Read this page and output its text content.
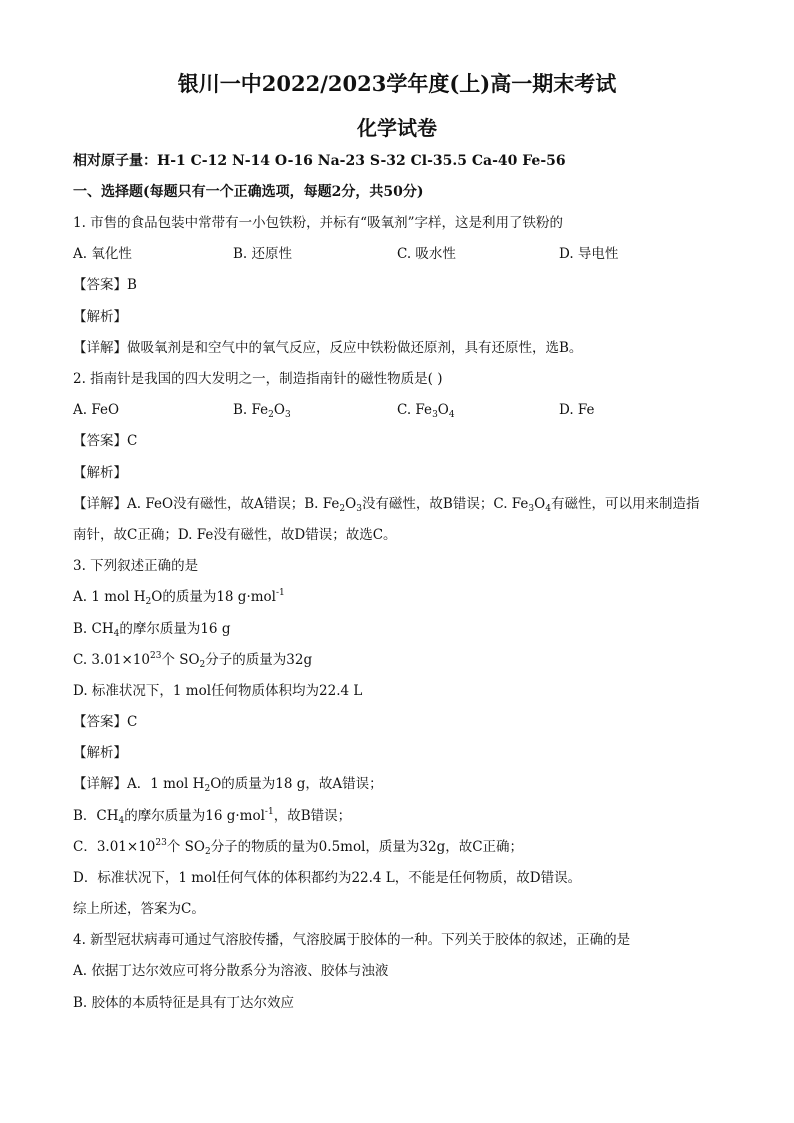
银川一中2022/2023学年度(上)高一期末考试
化学试卷

相对原子量：H-1 C-12 N-14 O-16 Na-23 S-32 Cl-35.5 Ca-40 Fe-56

一、选择题(每题只有一个正确选项，每题2分，共50分)

1. 市售的食品包装中常带有一小包铁粉，并标有“吸氧剂”字样，这是利用了铁粉的

A. 氧化性	B. 还原性	C. 吸水性	D. 导电性

【答案】B

【解析】

【详解】做吸氧剂是和空气中的氧气反应，反应中铁粉做还原剂，具有还原性，选B。

2. 指南针是我国的四大发明之一，制造指南针的磁性物质是( )

A. FeO	B. $Fe_2O_3$	C. $Fe_3O_4$	D. Fe

【答案】C

【解析】

【详解】A. FeO没有磁性，故A错误；B. $Fe_2O_3$没有磁性，故B错误；C. $Fe_3O_4$有磁性，可以用来制造指

南针，故C正确；D. Fe没有磁性，故D错误；故选C。

3. 下列叙述正确的是

A. 1 mol $H_2O$的质量为18 g·mol$^{-1}$

B. $CH_4$的摩尔质量为16 g

C. $3.01\times 10^{23}$个 $SO_2$分子的质量为32g

D. 标准状况下，1 mol任何物质体积均为22.4 L

【答案】C

【解析】

【详解】A．1 mol $H_2O$的质量为18 g，故A错误；

B．$CH_4$的摩尔质量为16 g·mol$^{-1}$，故B错误；

C．$3.01\times 10^{23}$个 $SO_2$分子的物质的量为0.5mol，质量为32g，故C正确；

D．标准状况下，1 mol任何气体的体积都约为22.4 L，不能是任何物质，故D错误。

综上所述，答案为C。

4. 新型冠状病毒可通过气溶胶传播，气溶胶属于胶体的一种。下列关于胶体的叙述，正确的是

A. 依据丁达尔效应可将分散系分为溶液、胶体与浊液

B. 胶体的本质特征是具有丁达尔效应
